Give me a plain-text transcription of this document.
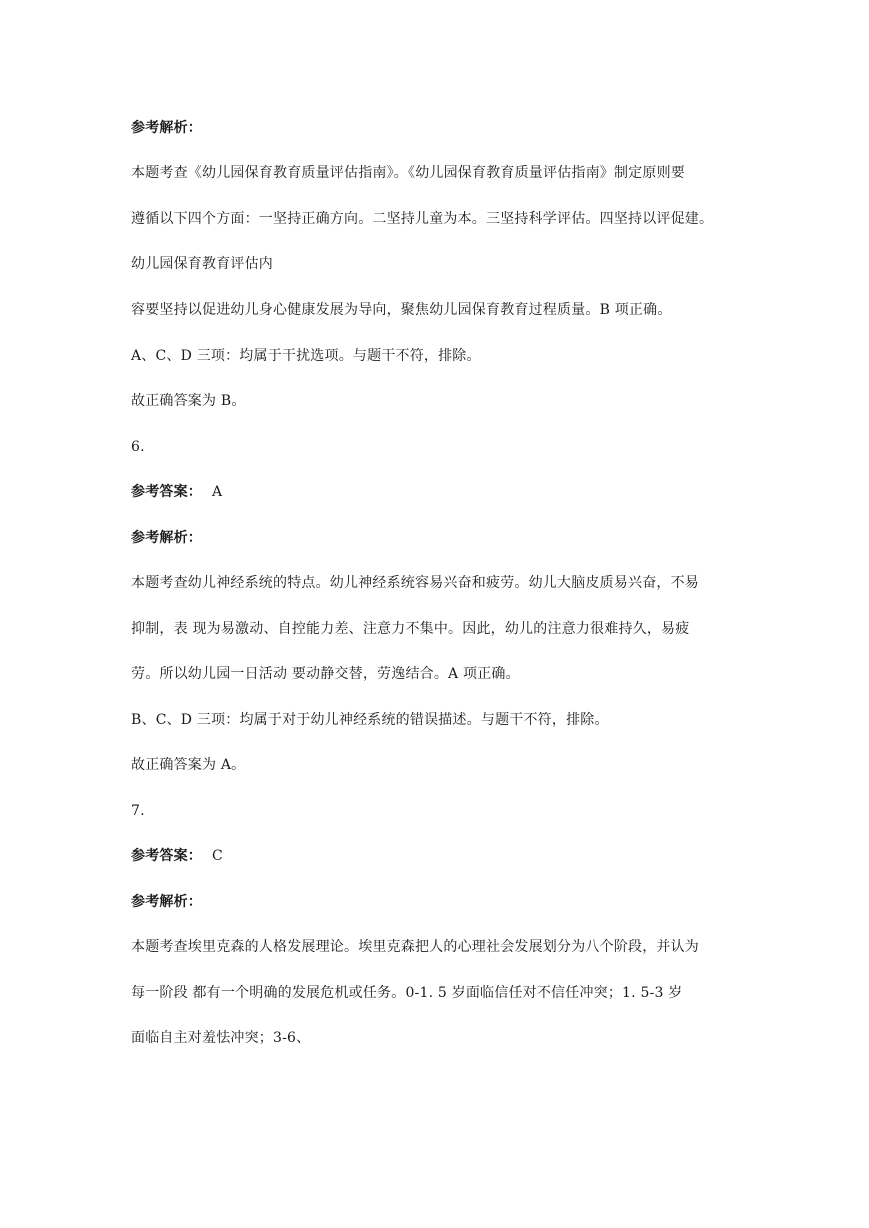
参考解析：
本题考查《幼儿园保育教育质量评估指南》。《幼儿园保育教育质量评估指南》制定原则要
遵循以下四个方面：一坚持正确方向。二坚持儿童为本。三坚持科学评估。四坚持以评促建。
幼儿园保育教育评估内
容要坚持以促进幼儿身心健康发展为导向，聚焦幼儿园保育教育过程质量。B 项正确。
A、C、D 三项：均属于干扰选项。与题干不符，排除。
故正确答案为 B。
6.
参考答案： A
参考解析：
本题考查幼儿神经系统的特点。幼儿神经系统容易兴奋和疲劳。幼儿大脑皮质易兴奋，不易
抑制，表 现为易激动、自控能力差、注意力不集中。因此，幼儿的注意力很难持久，易疲
劳。所以幼儿园一日活动 要动静交替，劳逸结合。A 项正确。
B、C、D 三项：均属于对于幼儿神经系统的错误描述。与题干不符，排除。
故正确答案为 A。
7.
参考答案： C
参考解析：
本题考查埃里克森的人格发展理论。埃里克森把人的心理社会发展划分为八个阶段，并认为
每一阶段 都有一个明确的发展危机或任务。0-1. 5 岁面临信任对不信任冲突；1. 5-3 岁
面临自主对羞怯冲突；3-6、
